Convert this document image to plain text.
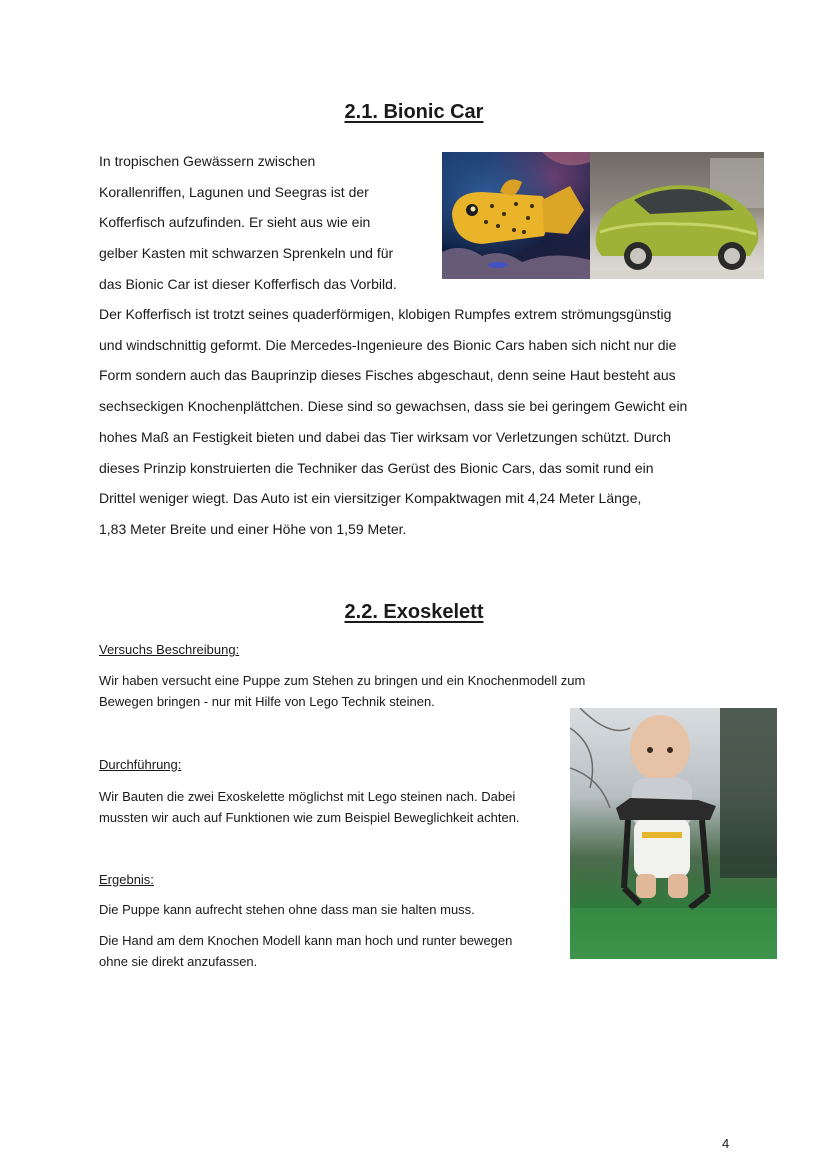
2.1. Bionic Car
In tropischen Gewässern zwischen
Korallenriffen, Lagunen und Seegras ist der
Kofferfisch aufzufinden. Er sieht aus wie ein
gelber Kasten mit schwarzen Sprenkeln und für
das Bionic Car ist dieser Kofferfisch das Vorbild.
Der Kofferfisch ist trotzt seines quaderförmigen, klobigen Rumpfes extrem strömungsgünstig
und windschnittig geformt. Die Mercedes-Ingenieure des Bionic Cars haben sich nicht nur die
Form sondern auch das Bauprinzip dieses Fisches abgeschaut, denn seine Haut besteht aus
sechseckigen Knochenplättchen. Diese sind so gewachsen, dass sie bei geringem Gewicht ein
hohes Maß an Festigkeit bieten und dabei das Tier wirksam vor Verletzungen schützt. Durch
dieses Prinzip konstruierten die Techniker das Gerüst des Bionic Cars, das somit rund ein
Drittel weniger wiegt. Das Auto ist ein viersitziger Kompaktwagen mit 4,24 Meter Länge,
1,83 Meter Breite und einer Höhe von 1,59 Meter.
2.2. Exoskelett

Versuchs Beschreibung:

Wir haben versucht eine Puppe zum Stehen zu bringen und ein Knochenmodell zum
Bewegen bringen - nur mit Hilfe von Lego Technik steinen.

Durchführung:

Wir Bauten die zwei Exoskelette möglichst mit Lego steinen nach. Dabei
mussten wir auch auf Funktionen wie zum Beispiel Beweglichkeit achten.

Ergebnis:

Die Puppe kann aufrecht stehen ohne dass man sie halten muss.
Die Hand am dem Knochen Modell kann man hoch und runter bewegen
ohne sie direkt anzufassen.
4
